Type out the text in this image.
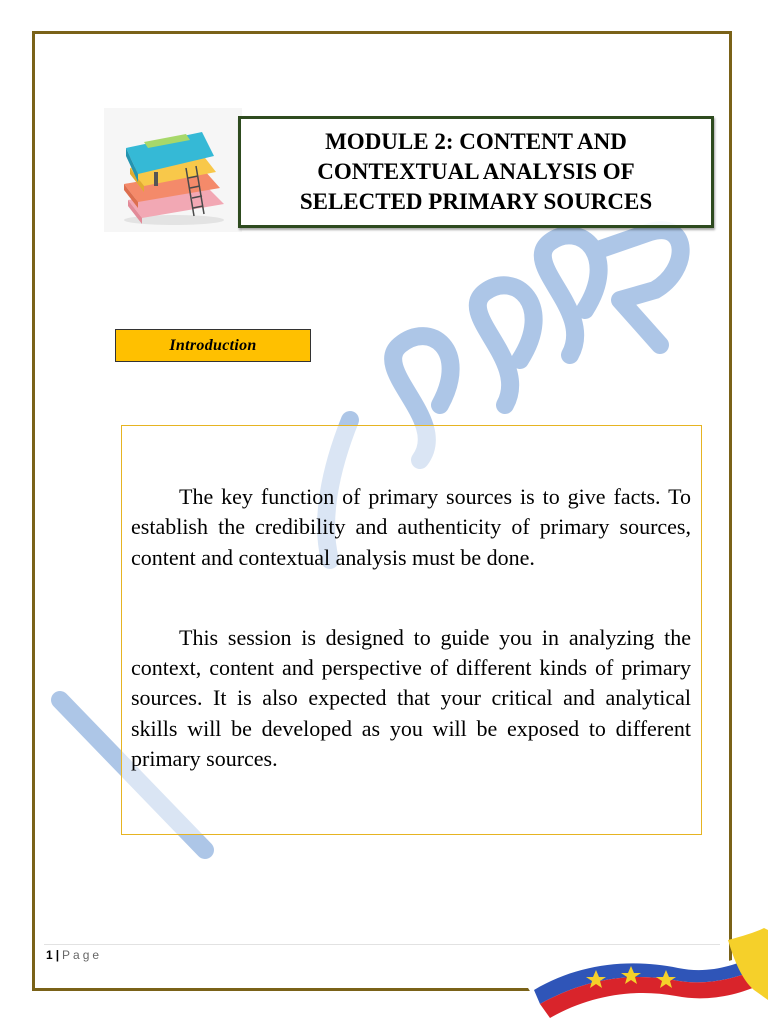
MODULE 2: CONTENT AND
CONTEXTUAL ANALYSIS OF
SELECTED PRIMARY SOURCES
Introduction

The key function of primary sources is to give facts. To establish the credibility and authenticity of primary sources, content and contextual analysis must be done.

This session is designed to guide you in analyzing the context, content and perspective of different kinds of primary sources. It is also expected that your critical and analytical skills will be developed as you will be exposed to different primary sources.

1 | Page
